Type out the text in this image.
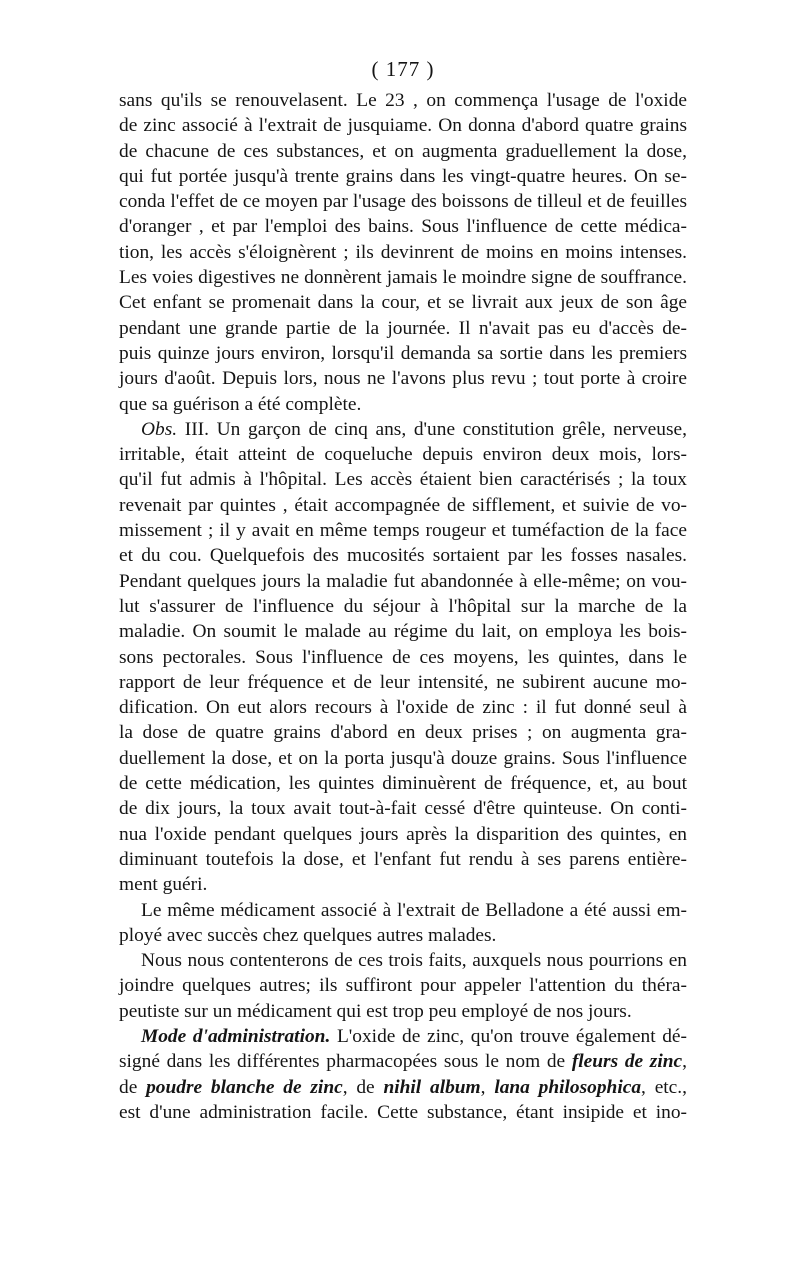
( 177 )
sans qu'ils se renouvelasent. Le 23 , on commença l'usage de l'oxide
de zinc associé à l'extrait de jusquiame. On donna d'abord quatre grains
de chacune de ces substances, et on augmenta graduellement la dose,
qui fut portée jusqu'à trente grains dans les vingt-quatre heures. On se-
conda l'effet de ce moyen par l'usage des boissons de tilleul et de feuilles
d'oranger , et par l'emploi des bains. Sous l'influence de cette médica-
tion, les accès s'éloignèrent ; ils devinrent de moins en moins intenses.
Les voies digestives ne donnèrent jamais le moindre signe de souffrance.
Cet enfant se promenait dans la cour, et se livrait aux jeux de son âge
pendant une grande partie de la journée. Il n'avait pas eu d'accès de-
puis quinze jours environ, lorsqu'il demanda sa sortie dans les premiers
jours d'août. Depuis lors, nous ne l'avons plus revu ; tout porte à croire
que sa guérison a été complète.
Obs. III. Un garçon de cinq ans, d'une constitution grêle, nerveuse,
irritable, était atteint de coqueluche depuis environ deux mois, lors-
qu'il fut admis à l'hôpital. Les accès étaient bien caractérisés ; la toux
revenait par quintes , était accompagnée de sifflement, et suivie de vo-
missement ; il y avait en même temps rougeur et tuméfaction de la face
et du cou. Quelquefois des mucosités sortaient par les fosses nasales.
Pendant quelques jours la maladie fut abandonnée à elle-même; on vou-
lut s'assurer de l'influence du séjour à l'hôpital sur la marche de la
maladie. On soumit le malade au régime du lait, on employa les bois-
sons pectorales. Sous l'influence de ces moyens, les quintes, dans le
rapport de leur fréquence et de leur intensité, ne subirent aucune mo-
dification. On eut alors recours à l'oxide de zinc : il fut donné seul à
la dose de quatre grains d'abord en deux prises ; on augmenta gra-
duellement la dose, et on la porta jusqu'à douze grains. Sous l'influence
de cette médication, les quintes diminuèrent de fréquence, et, au bout
de dix jours, la toux avait tout-à-fait cessé d'être quinteuse. On conti-
nua l'oxide pendant quelques jours après la disparition des quintes, en
diminuant toutefois la dose, et l'enfant fut rendu à ses parens entière-
ment guéri.
Le même médicament associé à l'extrait de Belladone a été aussi em-
ployé avec succès chez quelques autres malades.
Nous nous contenterons de ces trois faits, auxquels nous pourrions en
joindre quelques autres; ils suffiront pour appeler l'attention du théra-
peutiste sur un médicament qui est trop peu employé de nos jours.
Mode d'administration. L'oxide de zinc, qu'on trouve également dé-
signé dans les différentes pharmacopées sous le nom de fleurs de zinc,
de poudre blanche de zinc, de nihil album, lana philosophica, etc.,
est d'une administration facile. Cette substance, étant insipide et ino-
